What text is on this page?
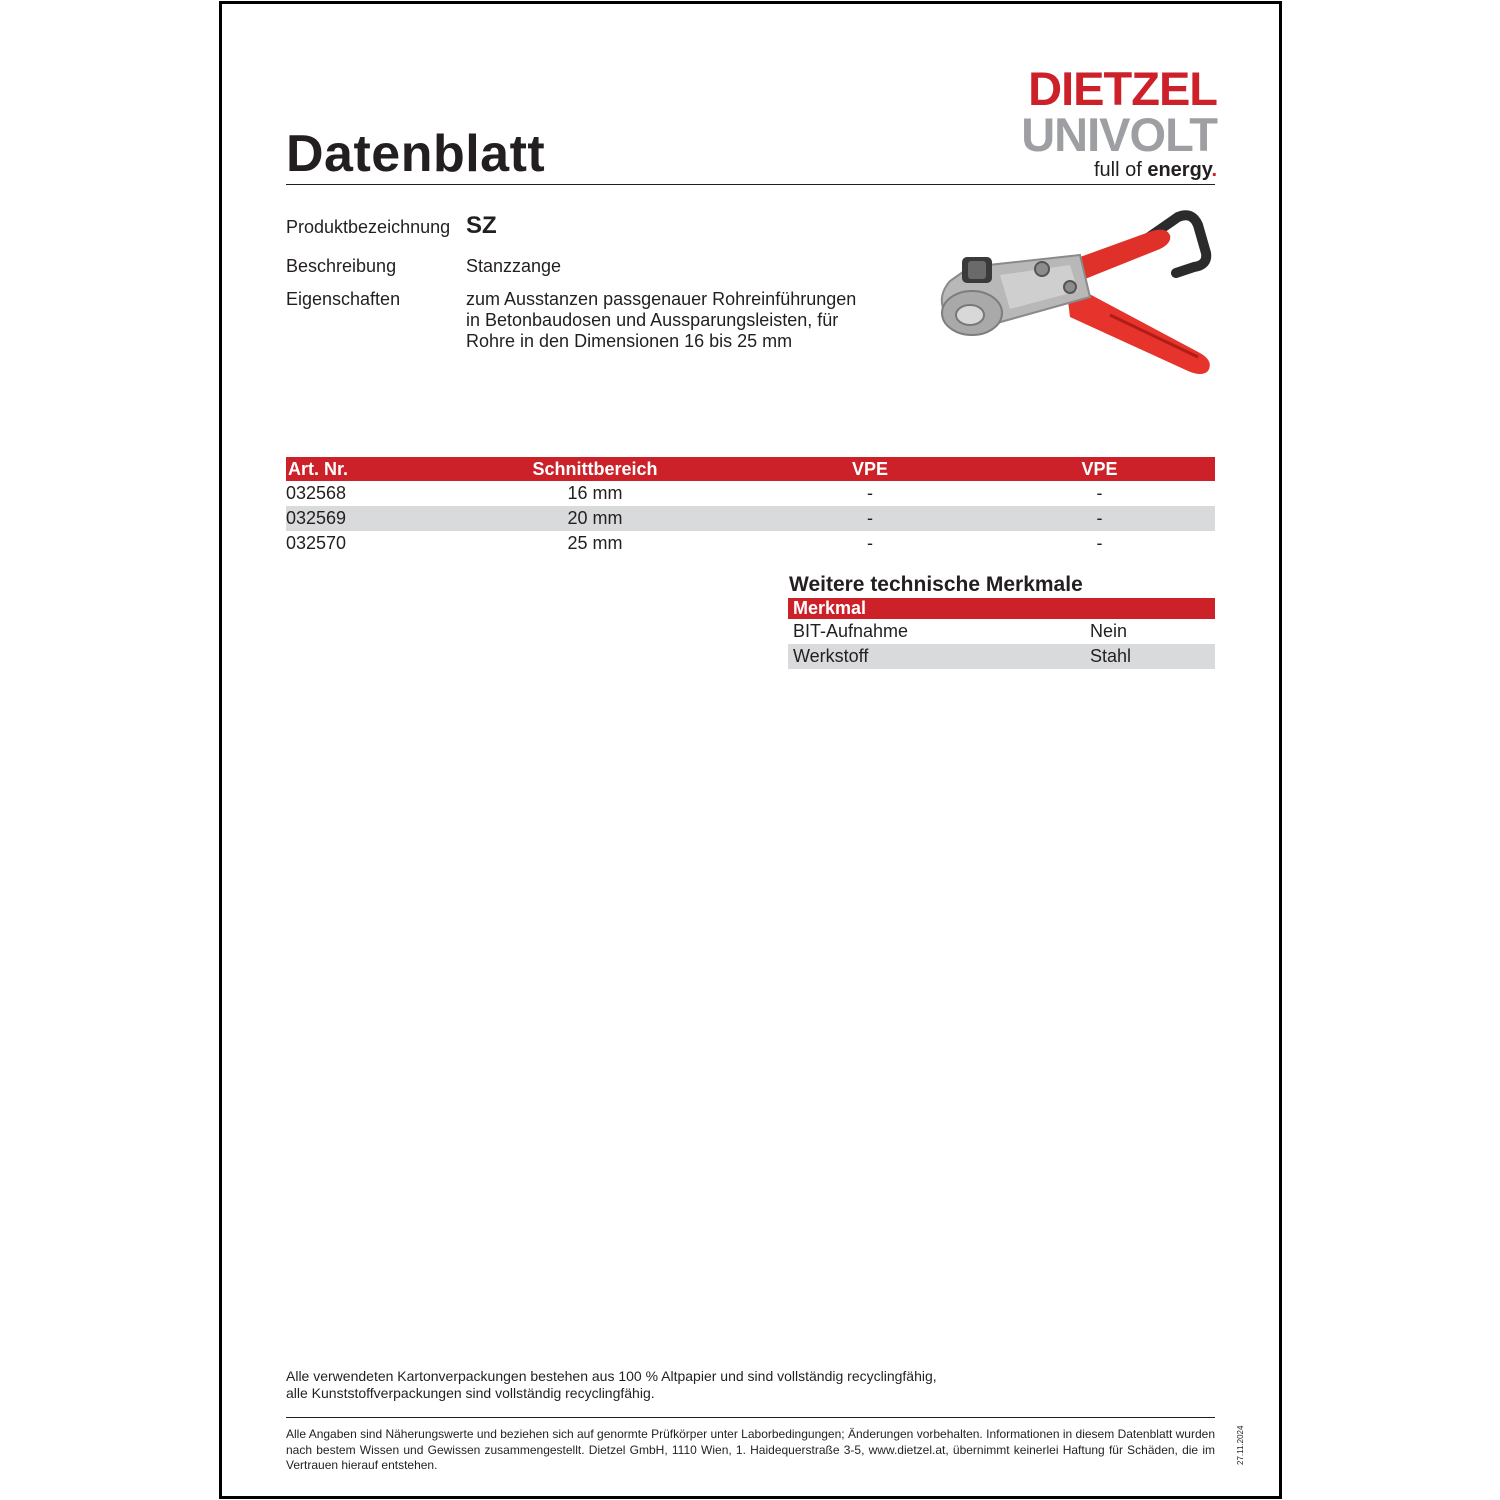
Datenblatt
DIETZEL
UNIVOLT
full of energy.
Produktbezeichnung SZ
Beschreibung	Stanzzange
Eigenschaften	zum Ausstanzen passgenauer Rohreinführungen
in Betonbaudosen und Aussparungsleisten, für
Rohre in den Dimensionen 16 bis 25 mm
Art. Nr.	Schnittbereich	VPE	VPE
032568	16 mm	-	-
032569	20 mm	-	-
032570	25 mm	-	-
Weitere technische Merkmale
Merkmal	
BIT-Aufnahme	Nein
Werkstoff	Stahl
Alle verwendeten Kartonverpackungen bestehen aus 100 % Altpapier und sind vollständig recyclingfähig,
alle Kunststoffverpackungen sind vollständig recyclingfähig.
Alle Angaben sind Näherungswerte und beziehen sich auf genormte Prüfkörper unter Laborbedingungen; Änderungen vorbehalten. Informationen in diesem Datenblatt wurden nach bestem Wissen und Gewissen zusammengestellt. Dietzel GmbH, 1110 Wien, 1. Haidequerstraße 3-5, www.dietzel.at, übernimmt keinerlei Haftung für Schäden, die im Vertrauen hierauf entstehen.	27.11.2024
